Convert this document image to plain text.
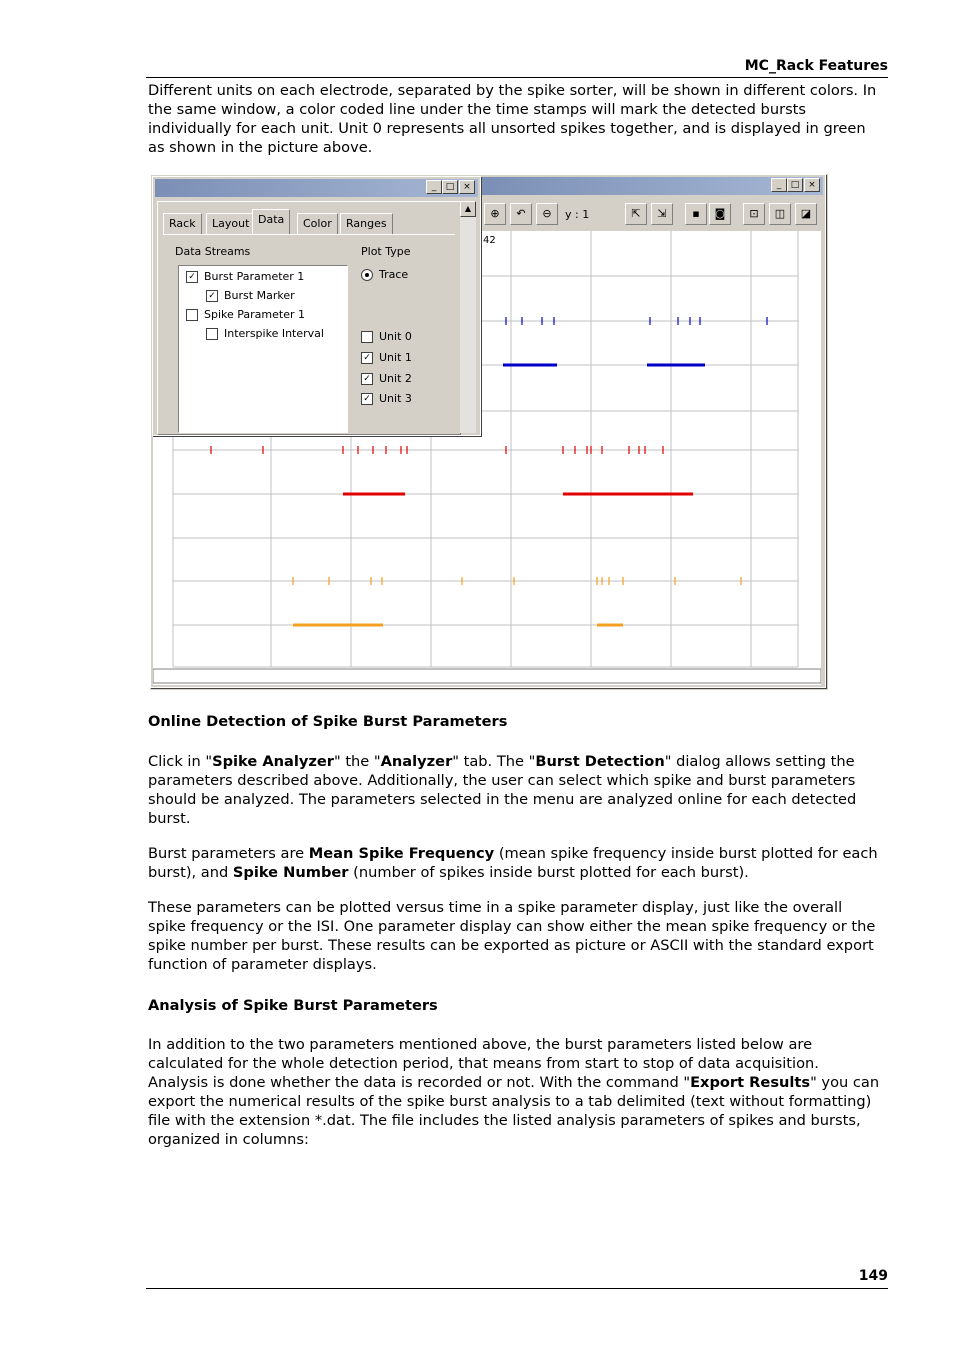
MC_Rack Features

Different units on each electrode, separated by the spike sorter, will be shown in different colors. In the same window, a color coded line under the time stamps will mark the detected bursts individually for each unit. Unit 0 represents all unsorted spikes together, and is displayed in green as shown in the picture above.

_	□ ×
⊕	↶	⊖	y : 1	⇱	⇲	▪	◙	⊡	◫	◪
42
_	□ ×
Rack	Layout Data	Color	Ranges
Data Streams	Plot Type
✓ Burst Parameter 1
✓ Burst Marker
Spike Parameter 1
Interspike Interval
Trace
Unit 0
✓ Unit 1
✓ Unit 2
✓ Unit 3
▲

Online Detection of Spike Burst Parameters

Click in "Spike Analyzer" the "Analyzer" tab. The "Burst Detection" dialog allows setting the parameters described above. Additionally, the user can select which spike and burst parameters should be analyzed. The parameters selected in the menu are analyzed online for each detected burst.

Burst parameters are Mean Spike Frequency (mean spike frequency inside burst plotted for each burst), and Spike Number (number of spikes inside burst plotted for each burst).

These parameters can be plotted versus time in a spike parameter display, just like the overall spike frequency or the ISI. One parameter display can show either the mean spike frequency or the spike number per burst. These results can be exported as picture or ASCII with the standard export function of parameter displays.

Analysis of Spike Burst Parameters

In addition to the two parameters mentioned above, the burst parameters listed below are calculated for the whole detection period, that means from start to stop of data acquisition. Analysis is done whether the data is recorded or not. With the command "Export Results" you can export the numerical results of the spike burst analysis to a tab delimited (text without formatting) file with the extension *.dat. The file includes the listed analysis parameters of spikes and bursts, organized in columns:

149
